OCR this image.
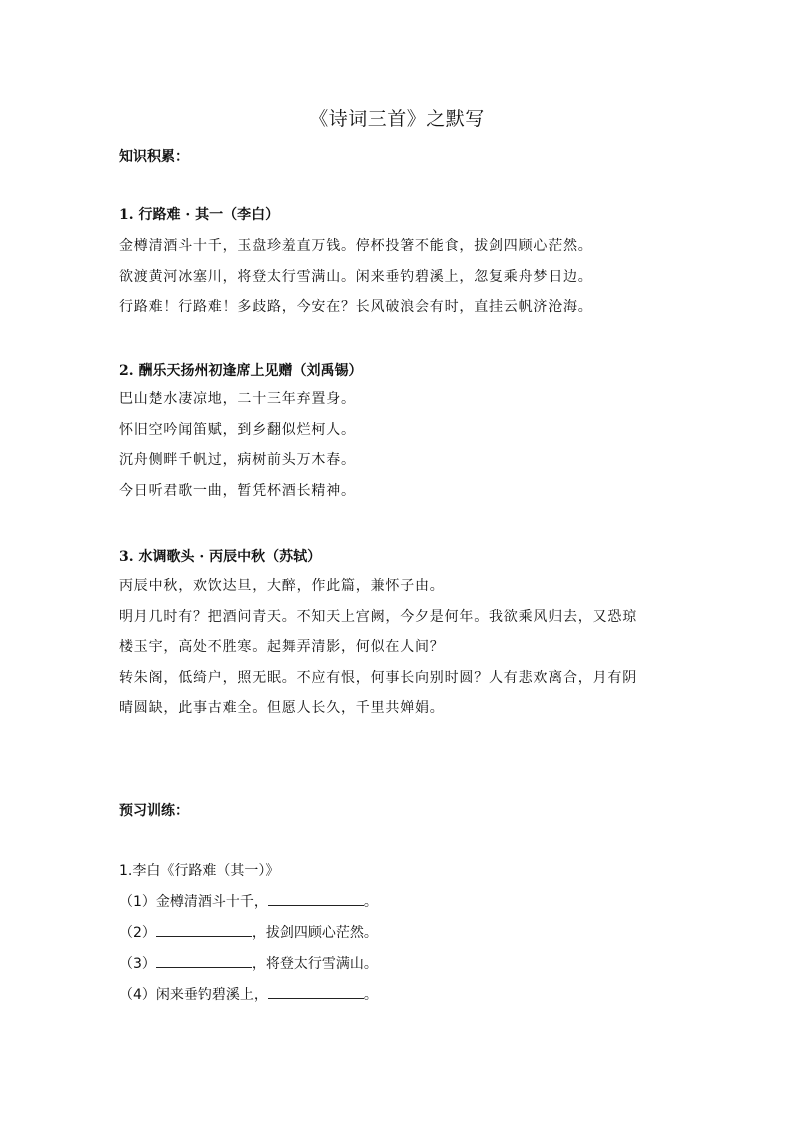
《诗词三首》之默写
知识积累：
1. 行路难 · 其一（李白）
金樽清酒斗十千，玉盘珍羞直万钱。停杯投箸不能食，拔剑四顾心茫然。
欲渡黄河冰塞川，将登太行雪满山。闲来垂钓碧溪上，忽复乘舟梦日边。
行路难！行路难！多歧路，今安在？长风破浪会有时，直挂云帆济沧海。
2. 酬乐天扬州初逢席上见赠（刘禹锡）
巴山楚水凄凉地，二十三年弃置身。
怀旧空吟闻笛赋，到乡翻似烂柯人。
沉舟侧畔千帆过，病树前头万木春。
今日听君歌一曲，暂凭杯酒长精神。
3. 水调歌头 · 丙辰中秋（苏轼）
丙辰中秋，欢饮达旦，大醉，作此篇，兼怀子由。
明月几时有？把酒问青天。不知天上宫阙，今夕是何年。我欲乘风归去，又恐琼
楼玉宇，高处不胜寒。起舞弄清影，何似在人间？
转朱阁，低绮户，照无眠。不应有恨，何事长向别时圆？人有悲欢离合，月有阴
晴圆缺，此事古难全。但愿人长久，千里共婵娟。
预习训练：
1.李白《行路难（其一）》
（1）金樽清酒斗十千，	。
（2）	，拔剑四顾心茫然。
（3）	，将登太行雪满山。
（4）闲来垂钓碧溪上，	。
